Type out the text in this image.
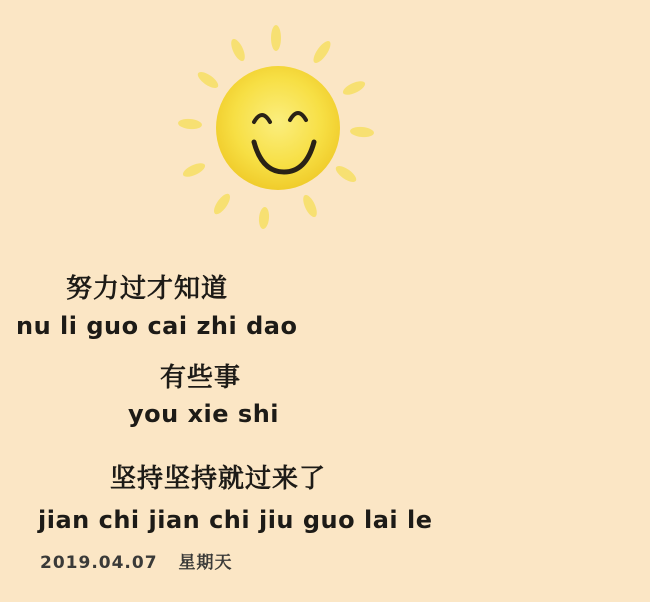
努力过才知道
nu li guo cai zhi dao
有些事
you xie shi
坚持坚持就过来了
jian chi jian chi jiu guo lai le
2019.04.07 星期天
